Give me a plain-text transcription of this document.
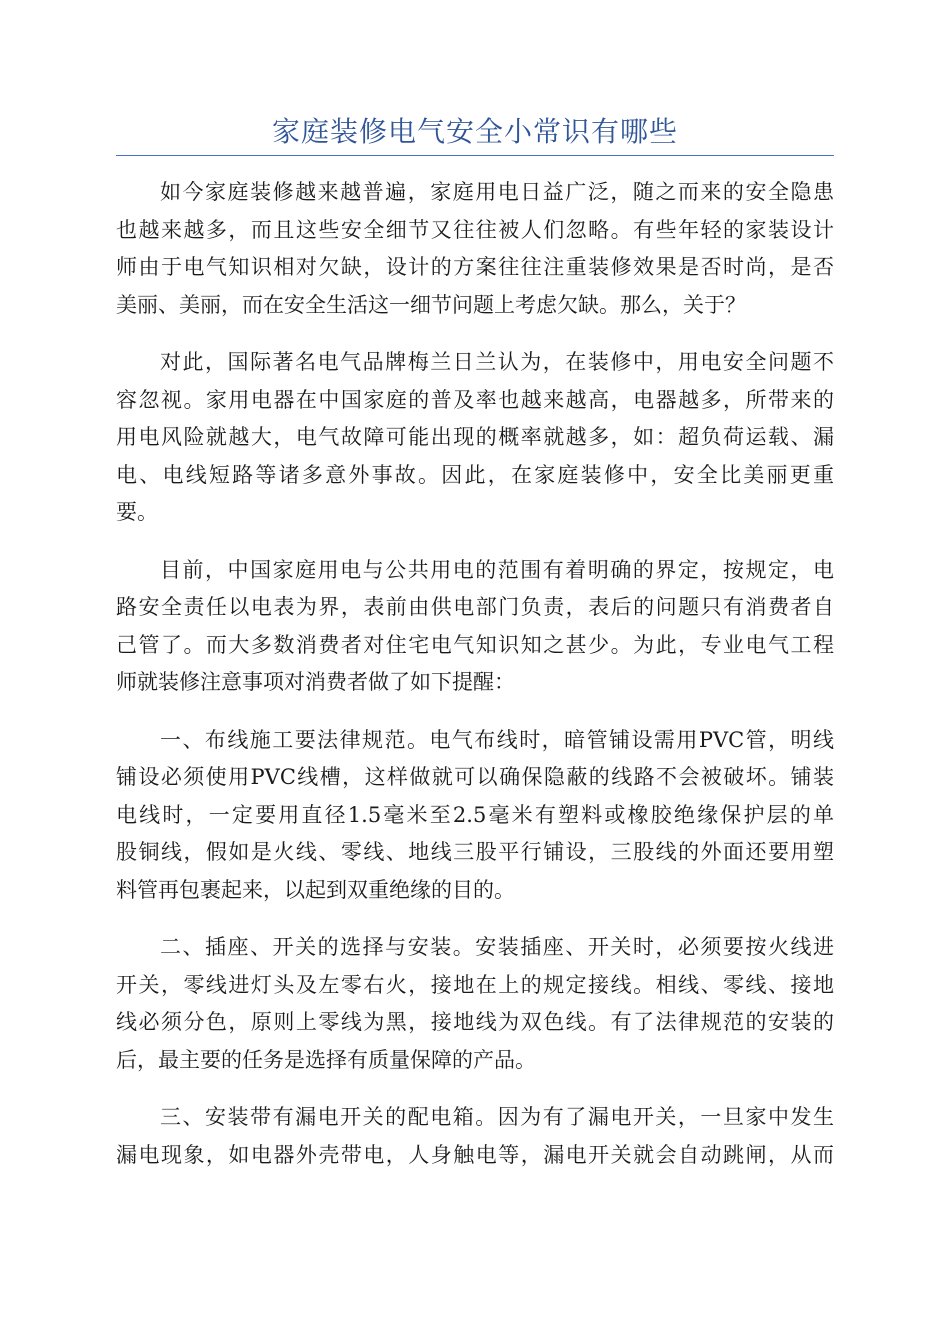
家庭装修电气安全小常识有哪些
如今家庭装修越来越普遍，家庭用电日益广泛，随之而来的安全隐患
也越来越多，而且这些安全细节又往往被人们忽略。有些年轻的家装设计
师由于电气知识相对欠缺，设计的方案往往注重装修效果是否时尚，是否
美丽、美丽，而在安全生活这一细节问题上考虑欠缺。那么，关于？
对此，国际著名电气品牌梅兰日兰认为，在装修中，用电安全问题不
容忽视。家用电器在中国家庭的普及率也越来越高，电器越多，所带来的
用电风险就越大，电气故障可能出现的概率就越多，如：超负荷运载、漏
电、电线短路等诸多意外事故。因此，在家庭装修中，安全比美丽更重
要。
目前，中国家庭用电与公共用电的范围有着明确的界定，按规定，电
路安全责任以电表为界，表前由供电部门负责，表后的问题只有消费者自
己管了。而大多数消费者对住宅电气知识知之甚少。为此，专业电气工程
师就装修注意事项对消费者做了如下提醒：
一、布线施工要法律规范。电气布线时，暗管铺设需用PVC管，明线
铺设必须使用PVC线槽，这样做就可以确保隐蔽的线路不会被破坏。铺装
电线时，一定要用直径1.5毫米至2.5毫米有塑料或橡胶绝缘保护层的单
股铜线，假如是火线、零线、地线三股平行铺设，三股线的外面还要用塑
料管再包裹起来，以起到双重绝缘的目的。
二、插座、开关的选择与安装。安装插座、开关时，必须要按火线进
开关，零线进灯头及左零右火，接地在上的规定接线。相线、零线、接地
线必须分色，原则上零线为黑，接地线为双色线。有了法律规范的安装的
后，最主要的任务是选择有质量保障的产品。
三、安装带有漏电开关的配电箱。因为有了漏电开关，一旦家中发生
漏电现象，如电器外壳带电，人身触电等，漏电开关就会自动跳闸，从而
